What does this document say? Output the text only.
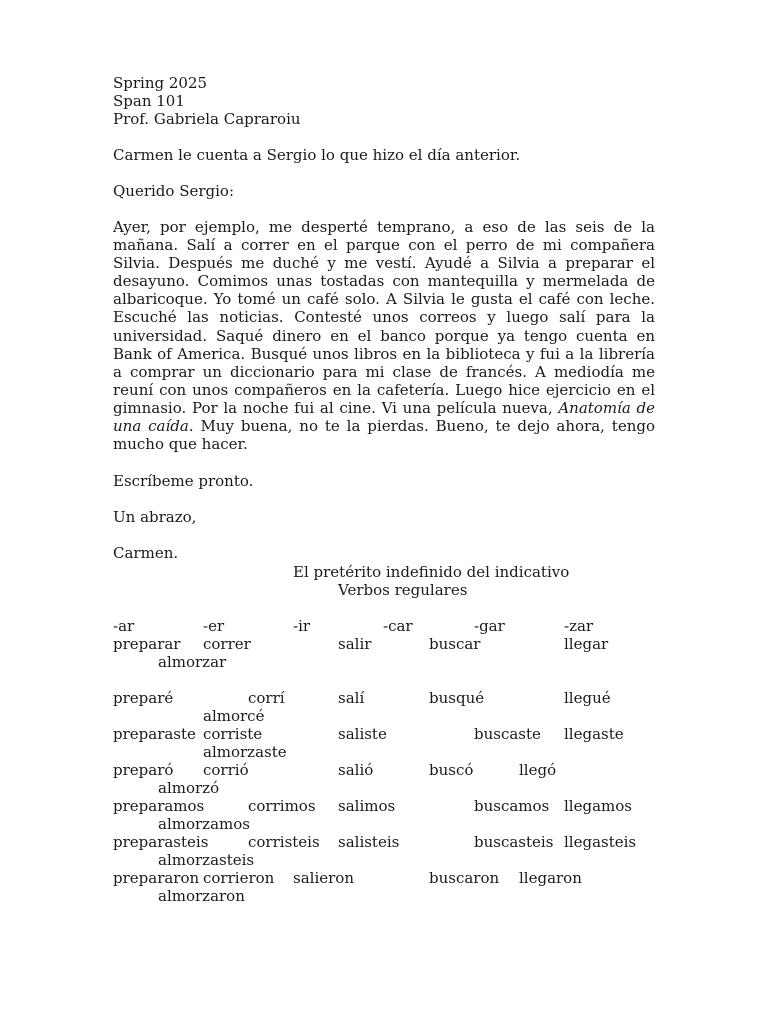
Spring 2025
Span 101
Prof. Gabriela Capraroiu
Carmen le cuenta a Sergio lo que hizo el día anterior.
Querido Sergio:

Ayer, por ejemplo, me desperté temprano, a eso de las seis de la mañana. Salí a correr en el parque con el perro de mi compañera Silvia. Después me duché y me vestí. Ayudé a Silvia a preparar el desayuno. Comimos unas tostadas con mantequilla y mermelada de albaricoque. Yo tomé un café solo. A Silvia le gusta el café con leche. Escuché las noticias. Contesté unos correos y luego salí para la universidad. Saqué dinero en el banco porque ya tengo cuenta en Bank of America. Busqué unos libros en la biblioteca y fui a la librería a comprar un diccionario para mi clase de francés. A mediodía me reuní con unos compañeros en la cafetería. Luego hice ejercicio en el gimnasio. Por la noche fui al cine. Vi una película nueva, Anatomía de una caída. Muy buena, no te la pierdas. Bueno, te dejo ahora, tengo mucho que hacer.

Escríbeme pronto.
Un abrazo,
Carmen.
El pretérito indefinido del indicativo
Verbos regulares
-ar	-er	-ir	-car	-gar	-zar
preparar correr	salir	buscar	llegar
almorzar
preparé	corrí	salí	busqué	llegué
almorcé
preparaste corriste	saliste	buscaste llegaste
almorzaste
preparó corrió	salió	buscó	llegó
almorzó
preparamos	corrimos salimos	buscamos llegamos
almorzamos
preparasteis	corristeis salisteis	buscasteis llegasteis
almorzasteis
prepararon corrieron salieron	buscaron llegaron
almorzaron
